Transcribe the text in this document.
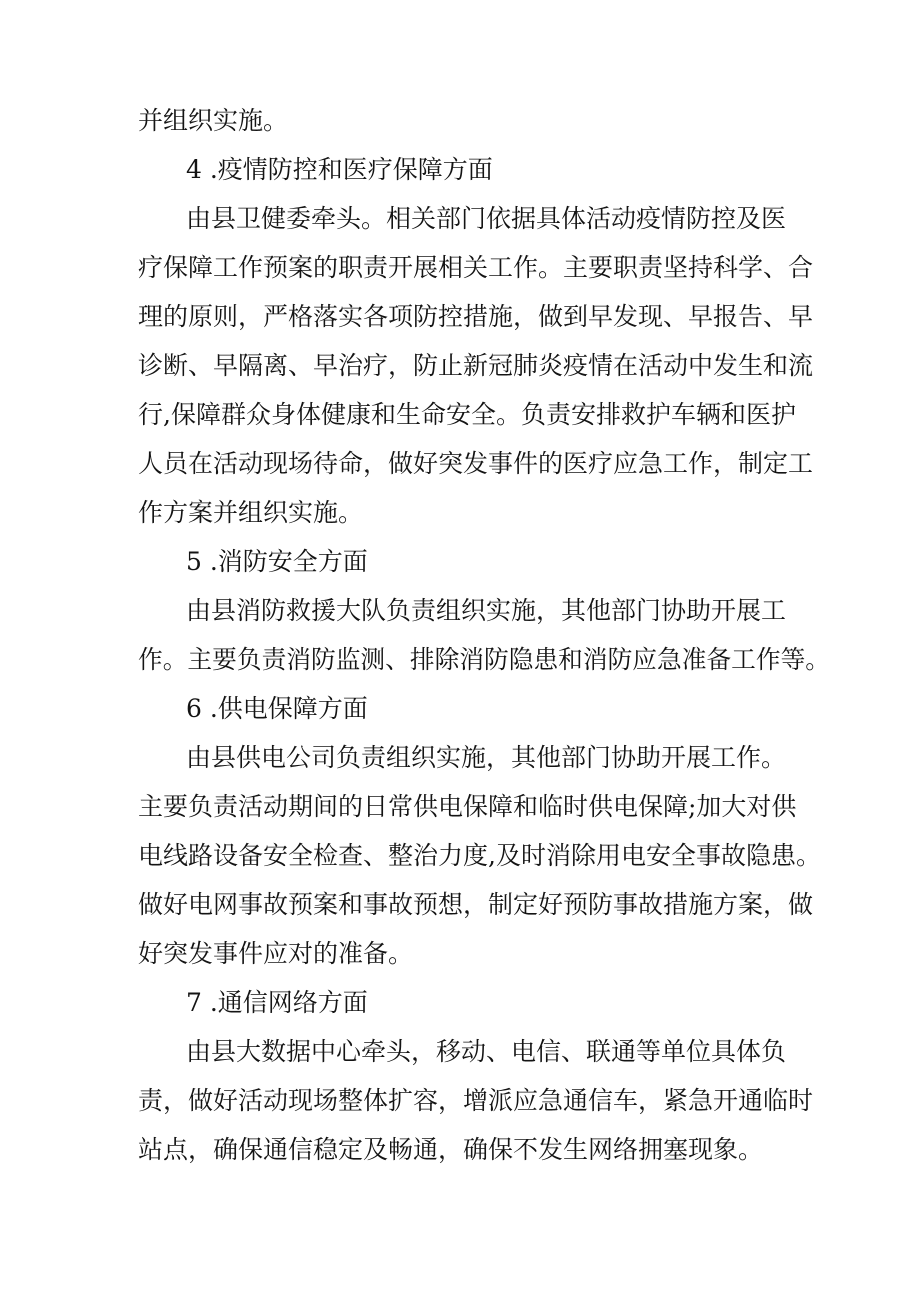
并组织实施。
4 .疫情防控和医疗保障方面
由县卫健委牵头。相关部门依据具体活动疫情防控及医
疗保障工作预案的职责开展相关工作。主要职责坚持科学、合
理的原则，严格落实各项防控措施，做到早发现、早报告、早
诊断、早隔离、早治疗，防止新冠肺炎疫情在活动中发生和流
行,保障群众身体健康和生命安全。负责安排救护车辆和医护
人员在活动现场待命，做好突发事件的医疗应急工作，制定工
作方案并组织实施。
5 .消防安全方面
由县消防救援大队负责组织实施，其他部门协助开展工
作。主要负责消防监测、排除消防隐患和消防应急准备工作等。
6 .供电保障方面
由县供电公司负责组织实施，其他部门协助开展工作。
主要负责活动期间的日常供电保障和临时供电保障;加大对供
电线路设备安全检查、整治力度,及时消除用电安全事故隐患。
做好电网事故预案和事故预想，制定好预防事故措施方案，做
好突发事件应对的准备。
7 .通信网络方面
由县大数据中心牵头，移动、电信、联通等单位具体负
责，做好活动现场整体扩容，增派应急通信车，紧急开通临时
站点，确保通信稳定及畅通，确保不发生网络拥塞现象。
